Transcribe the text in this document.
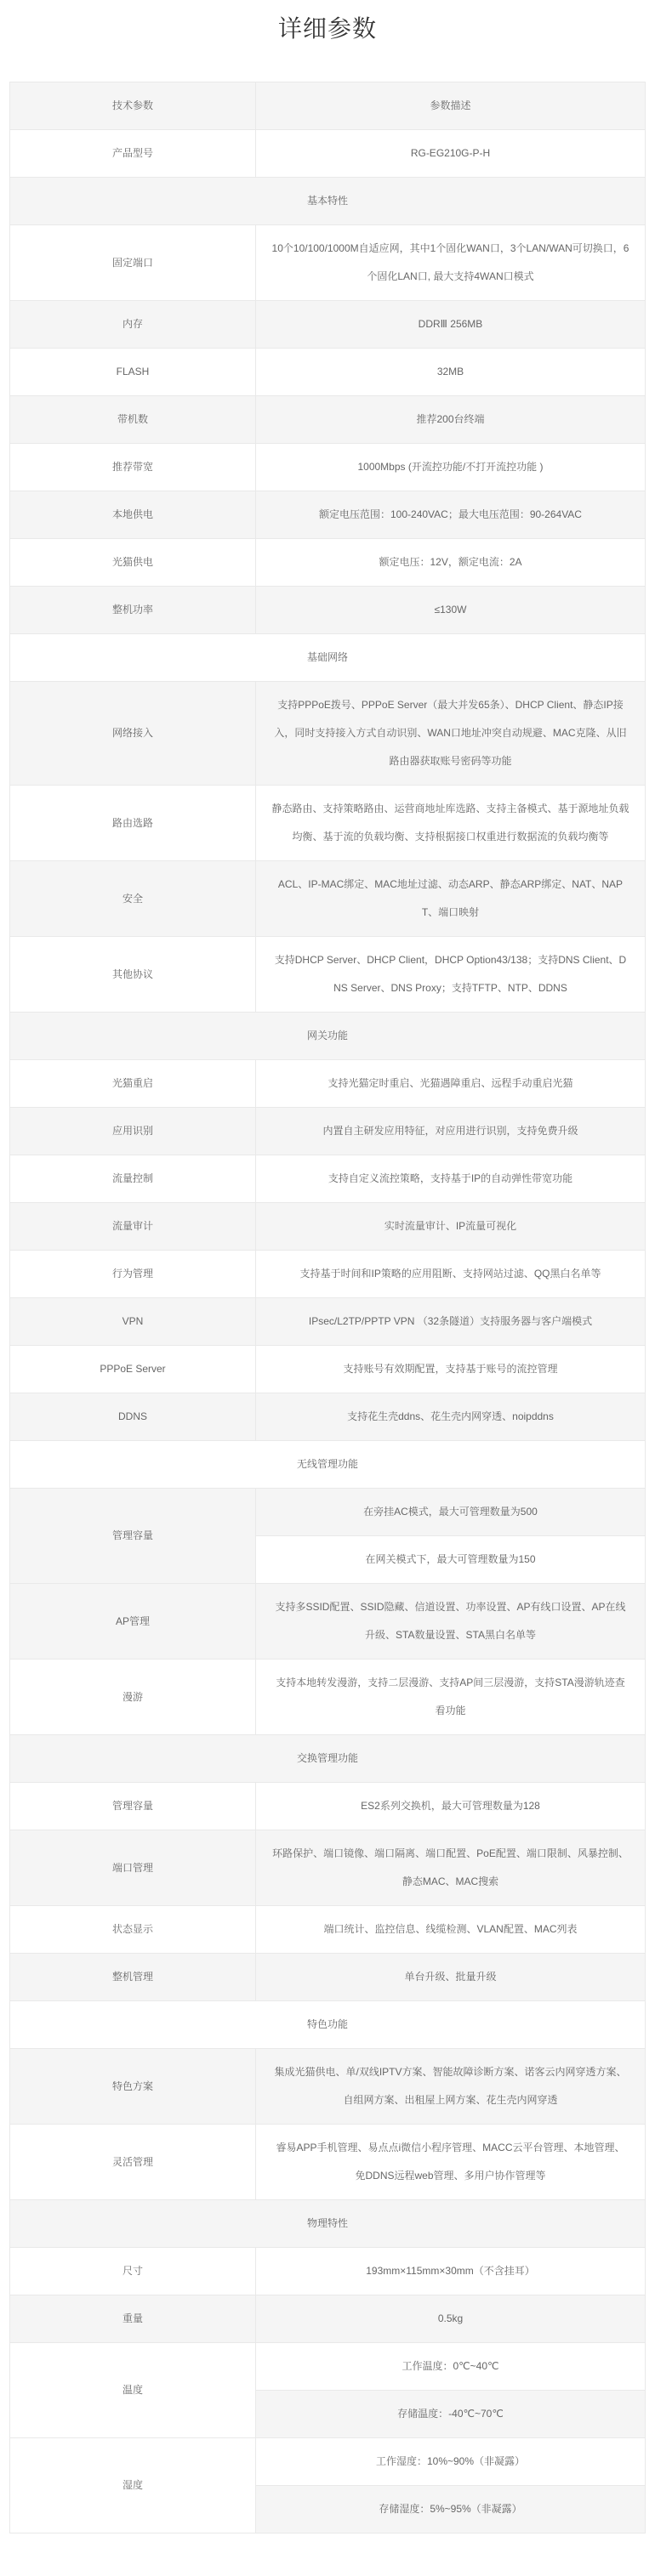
详细参数
技术参数	参数描述
产品型号	RG-EG210G-P-H
基本特性	
固定端口	10个10/100/1000M自适应网，其中1个固化WAN口，3个LAN/WAN可切换口，6个固化LAN口, 最大支持4WAN口模式
内存	DDRⅢ 256MB
FLASH	32MB
带机数	推荐200台终端
推荐带宽	1000Mbps (开流控功能/不打开流控功能 )
本地供电	额定电压范围：100-240VAC；最大电压范围：90-264VAC
光猫供电	额定电压：12V，额定电流：2A
整机功率	≤130W
基础网络	
网络接入	支持PPPoE拨号、PPPoE Server（最大并发65条）、DHCP Client、静态IP接入，同时支持接入方式自动识别、WAN口地址冲突自动规避、MAC克隆、从旧路由器获取账号密码等功能
路由选路	静态路由、支持策略路由、运营商地址库选路、支持主备模式、基于源地址负载均衡、基于流的负载均衡、支持根据接口权重进行数据流的负载均衡等
安全	ACL、IP-MAC绑定、MAC地址过滤、动态ARP、静态ARP绑定、NAT、NAPT、端口映射
其他协议	支持DHCP Server、DHCP Client，DHCP Option43/138；支持DNS Client、DNS Server、DNS Proxy；支持TFTP、NTP、DDNS
网关功能	
光猫重启	支持光猫定时重启、光猫遇障重启、远程手动重启光猫
应用识别	内置自主研发应用特征，对应用进行识别，支持免费升级
流量控制	支持自定义流控策略，支持基于IP的自动弹性带宽功能
流量审计	实时流量审计、IP流量可视化
行为管理	支持基于时间和IP策略的应用阻断、支持网站过滤、QQ黑白名单等
VPN	IPsec/L2TP/PPTP VPN （32条隧道）支持服务器与客户端模式
PPPoE Server	支持账号有效期配置，支持基于账号的流控管理
DDNS	支持花生壳ddns、花生壳内网穿透、noipddns
无线管理功能	
管理容量	在旁挂AC模式，最大可管理数量为500
	在网关模式下，最大可管理数量为150
AP管理	支持多SSID配置、SSID隐藏、信道设置、功率设置、AP有线口设置、AP在线升级、STA数量设置、STA黑白名单等
漫游	支持本地转发漫游，支持二层漫游、支持AP间三层漫游，支持STA漫游轨迹查看功能
交换管理功能	
管理容量	ES2系列交换机，最大可管理数量为128
端口管理	环路保护、端口镜像、端口隔离、端口配置、PoE配置、端口限制、风暴控制、静态MAC、MAC搜索
状态显示	端口统计、监控信息、线缆检测、VLAN配置、MAC列表
整机管理	单台升级、批量升级
特色功能	
特色方案	集成光猫供电、单/双线IPTV方案、智能故障诊断方案、诺客云内网穿透方案、自组网方案、出租屋上网方案、花生壳内网穿透
灵活管理	睿易APP手机管理、易点点i微信小程序管理、MACC云平台管理、本地管理、免DDNS远程web管理、多用户协作管理等
物理特性	
尺寸	193mm×115mm×30mm（不含挂耳）
重量	0.5kg
温度	工作温度：0℃~40℃
	存储温度：-40℃~70℃
湿度	工作湿度：10%~90%（非凝露）
	存储湿度：5%~95%（非凝露）
